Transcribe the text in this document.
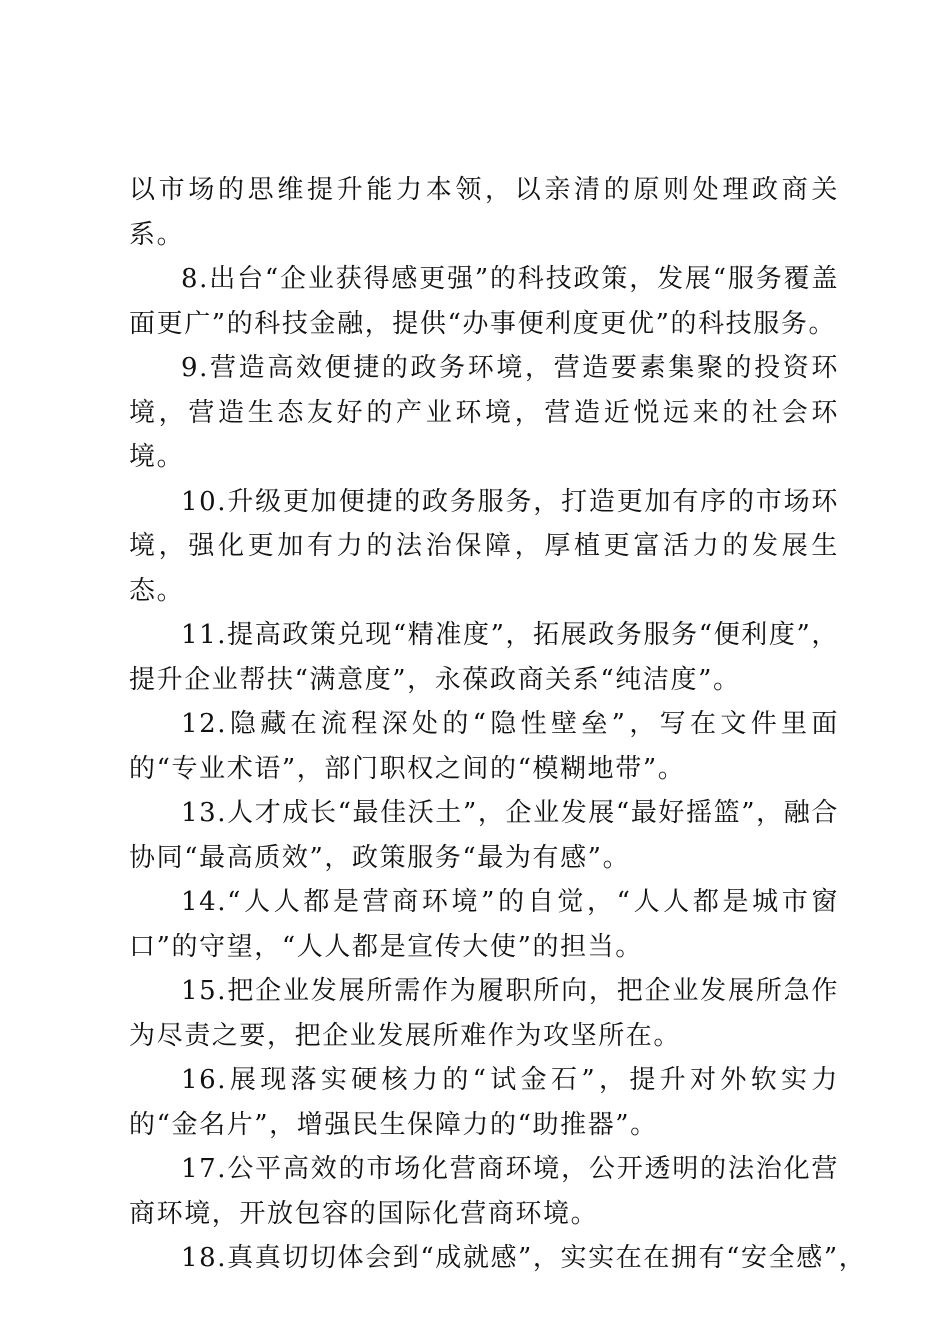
以市场的思维提升能力本领，以亲清的原则处理政商关系。

8.出台“企业获得感更强”的科技政策，发展“服务覆盖面更广”的科技金融，提供“办事便利度更优”的科技服务。

9.营造高效便捷的政务环境，营造要素集聚的投资环境，营造生态友好的产业环境，营造近悦远来的社会环境。

10.升级更加便捷的政务服务，打造更加有序的市场环境，强化更加有力的法治保障，厚植更富活力的发展生态。

11.提高政策兑现“精准度”，拓展政务服务“便利度”，提升企业帮扶“满意度”，永葆政商关系“纯洁度”。

12.隐藏在流程深处的“隐性壁垒”，写在文件里面的“专业术语”，部门职权之间的“模糊地带”。

13.人才成长“最佳沃土”，企业发展“最好摇篮”，融合协同“最高质效”，政策服务“最为有感”。

14.“人人都是营商环境”的自觉，“人人都是城市窗口”的守望，“人人都是宣传大使”的担当。

15.把企业发展所需作为履职所向，把企业发展所急作为尽责之要，把企业发展所难作为攻坚所在。

16.展现落实硬核力的“试金石”，提升对外软实力的“金名片”，增强民生保障力的“助推器”。

17.公平高效的市场化营商环境，公开透明的法治化营商环境，开放包容的国际化营商环境。

18.真真切切体会到“成就感”，实实在在拥有“安全感”，
